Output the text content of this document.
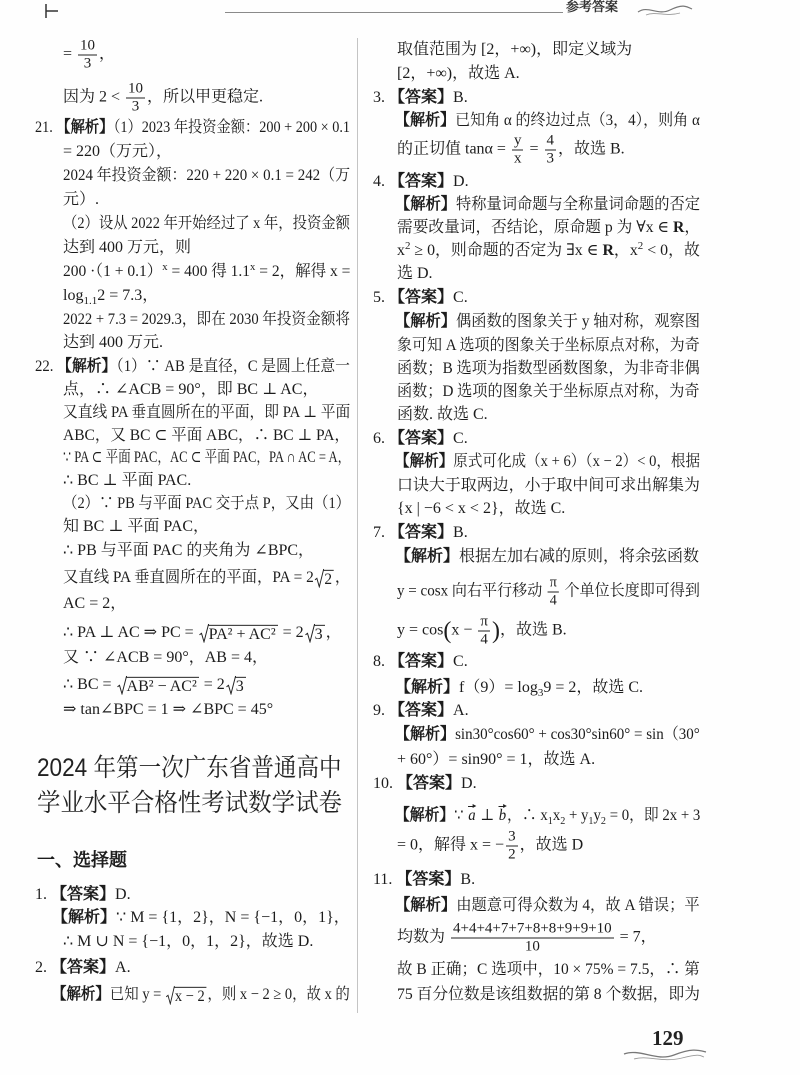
参考答案
= $\frac{10}{3}$ ，
因为 $2 < \frac{10}{3}$ ，所以甲更稳定.
21. 【解析】（1）2023 年投资金额：200 + 200 × 0.1
= 220（万元），
2024 年投资金额：220 + 220 × 0.1 = 242（万
元）.
（2）设从 2022 年开始经过了 x 年，投资金额
达到 400 万元，则
$200 \cdot(1 + 0.1)^x = 400$ 得 $1.1^x = 2$，解得 x =
$\log_{1.1}2 = 7.3$，
2022 + 7.3 = 2029.3，即在 2030 年投资金额将
达到 400 万元.
22. 【解析】（1）∵ AB 是直径，C 是圆上任意一
点，∴ ∠ACB = 90°，即 BC ⊥ AC，
又直线 PA 垂直圆所在的平面，即 PA ⊥ 平面
ABC，又 BC ⊂ 平面 ABC，∴ BC ⊥ PA，
∵ PA ⊂ 平面 PAC，AC ⊂ 平面 PAC，PA ∩ AC = A，
∴ BC ⊥ 平面 PAC.
（2）∵ PB 与平面 PAC 交于点 P，又由（1）
知 BC ⊥ 平面 PAC，
∴ PB 与平面 PAC 的夹角为 ∠BPC，
又直线 PA 垂直圆所在的平面，PA = 2 2 ，
AC = 2，
∴ PA ⊥ AC ⇒ PC = PA² + AC² = 2 3 ，
又 ∵ ∠ACB = 90°，AB = 4，
∴ BC = AB² − AC² = 2 3
⇒ tan∠BPC = 1 ⇒ ∠BPC = 45°
2024 年第一次广东省普通高中
学业水平合格性考试数学试卷
一、选择题
1. 【答案】D.
【解析】∵ M = {1，2}，N = {−1，0，1}，
∴ M ∪ N = {−1，0，1，2}，故选 D.
2. 【答案】A.
【解析】已知 y = x − 2 ，则 x − 2 ≥ 0，故 x 的
取值范围为 [2，+∞)，即定义域为
[2，+∞)，故选 A.
3. 【答案】B.
【解析】已知角 α 的终边过点（3，4），则角 α
的正切值 $\tan\alpha = \frac{y}{x} = \frac{4}{3}$ ，故选 B.
4. 【答案】D.
【解析】特称量词命题与全称量词命题的否定
需要改量词，否结论，原命题 p 为 ∀x ∈ R，
$x^2 \ge 0$，则命题的否定为 ∃x ∈ R，$x^2 < 0$，故
选 D.
5. 【答案】C.
【解析】偶函数的图象关于 y 轴对称，观察图
象可知 A 选项的图象关于坐标原点对称，为奇
函数；B 选项为指数型函数图象，为非奇非偶
函数；D 选项的图象关于坐标原点对称，为奇
函数. 故选 C.
6. 【答案】C.
【解析】原式可化成（x + 6）（x − 2）< 0，根据
口诀大于取两边，小于取中间可求出解集为
{x | −6 < x < 2}，故选 C.
7. 【答案】B.
【解析】根据左加右减的原则，将余弦函数
y = cosx 向右平行移动 $\frac{\pi}{4}$ 个单位长度即可得到
$y = \cos(x - \frac{\pi}{4}$ )，故选 B.
8. 【答案】C.
【解析】$f(9)= \log_39 = 2$，故选 C.
9. 【答案】A.
【解析】sin30°cos60° + cos30°sin60° = sin（30°
+ 60°）= sin90° = 1，故选 A.
10. 【答案】D.
【解析】∵ a ⊥ b，∴ $x_1x_2 + y_1y_2 = 0$，即 2x + 3
= 0，解得 x = − $\frac{3}{2}$ ，故选 D
11. 【答案】B.
【解析】由题意可得众数为 4，故 A 错误；平
均数为 $\frac{4+4+4+7+7+8+8+9+9+10}{10} = 7$，
故 B 正确；C 选项中，10 × 75% = 7.5，∴ 第
75 百分位数是该组数据的第 8 个数据，即为
129
